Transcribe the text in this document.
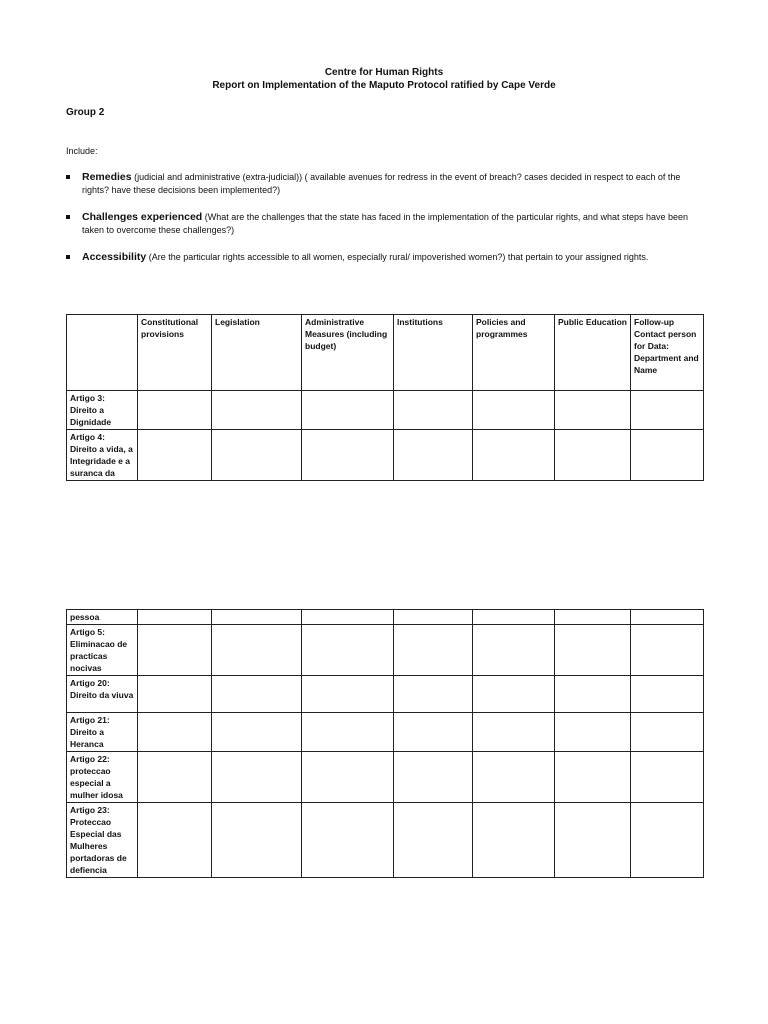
Centre for Human Rights
Report on Implementation of the Maputo Protocol ratified by Cape Verde
Group 2
Include:
Remedies (judicial and administrative (extra-judicial)) ( available avenues for redress in the event of breach? cases decided in respect to each of the rights? have these decisions been implemented?)
Challenges experienced (What are the challenges that the state has faced in the implementation of the particular rights, and what steps have been taken to overcome these challenges?)
Accessibility (Are the particular rights accessible to all women, especially rural/ impoverished women?) that pertain to your assigned rights.
	Constitutional provisions	Legislation	Administrative Measures (including budget)	Institutions	Policies and programmes	Public Education	Follow-up Contact person for Data: Department and Name
Artigo 3: Direito a Dignidade							
Artigo 4: Direito a vida, a Integridade e a suranca da							
pessoa							
Artigo 5: Eliminacao de practicas nocivas							
Artigo 20: Direito da viuva							
Artigo 21: Direito a Heranca							
Artigo 22: proteccao especial a mulher idosa							
Artigo 23: Proteccao Especial das Mulheres portadoras de defiencia							
